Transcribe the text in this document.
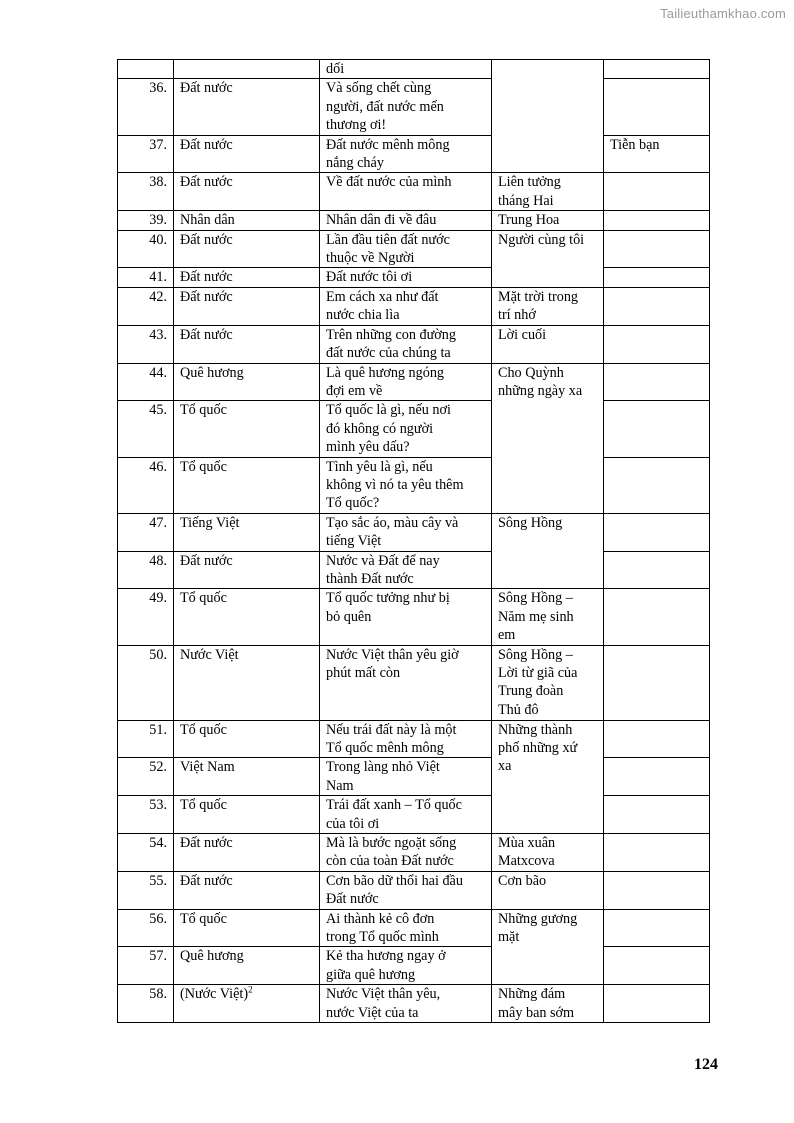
Tailieuthamkhao.com
		dối			
36.	Đất nước	Và sống chết cùng
người, đất nước mến
thương ơi!			
37.	Đất nước	Đất nước mênh mông
nắng cháy		Tiễn bạn	
38.	Đất nước	Về đất nước của mình	Liên tưởng
tháng Hai		
39.	Nhân dân	Nhân dân đi về đâu	Trung Hoa		
40.	Đất nước	Lần đầu tiên đất nước
thuộc về Người	Người cùng tôi		
41.	Đất nước	Đất nước tôi ơi			
42.	Đất nước	Em cách xa như đất
nước chia lìa	Mặt trời trong
trí nhớ		
43.	Đất nước	Trên những con đường
đất nước của chúng ta	Lời cuối		
44.	Quê hương	Là quê hương ngóng
đợi em về	Cho Quỳnh
những ngày xa		
45.	Tổ quốc	Tổ quốc là gì, nếu nơi
đó không có người
mình yêu dấu?			
46.	Tổ quốc	Tình yêu là gì, nếu
không vì nó ta yêu thêm
Tổ quốc?			
47.	Tiếng Việt	Tạo sắc áo, màu cây và
tiếng Việt	Sông Hồng		
48.	Đất nước	Nước và Đất để nay
thành Đất nước			
49.	Tổ quốc	Tổ quốc tưởng như bị
bỏ quên	Sông Hồng –
Năm mẹ sinh
em		
50.	Nước Việt	Nước Việt thân yêu giờ
phút mất còn	Sông Hồng –
Lời từ giã của
Trung đoàn
Thủ đô		
51.	Tổ quốc	Nếu trái đất này là một
Tổ quốc mênh mông	Những thành
phố những xứ
xa		
52.	Việt Nam	Trong làng nhỏ Việt
Nam			
53.	Tổ quốc	Trái đất xanh – Tổ quốc
của tôi ơi			
54.	Đất nước	Mà là bước ngoặt sống
còn của toàn Đất nước	Mùa xuân
Matxcova		
55.	Đất nước	Cơn bão dữ thổi hai đầu
Đất nước	Cơn bão		
56.	Tổ quốc	Ai thành kẻ cô đơn
trong Tổ quốc mình	Những gương
mặt		
57.	Quê hương	Kẻ tha hương ngay ở
giữa quê hương			
58.	(Nước Việt)$^2$	Nước Việt thân yêu,
nước Việt của ta	Những đám
mây ban sớm		
124
